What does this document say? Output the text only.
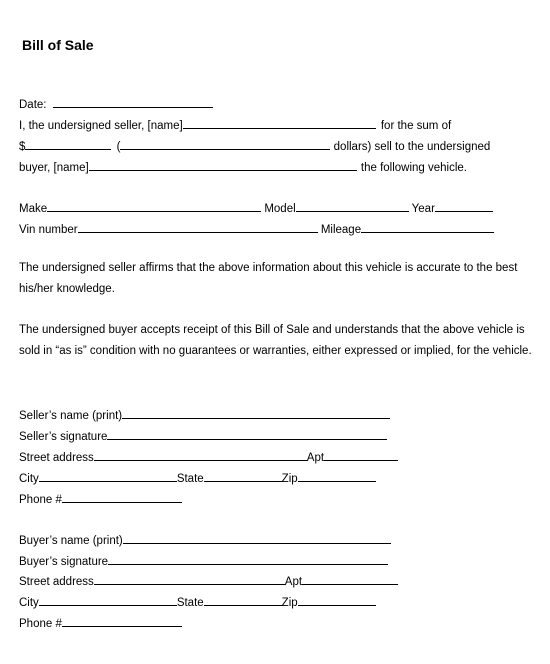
Bill of Sale
Date:
I, the undersigned seller, [name]	for the sum of
$	(	dollars) sell to the undersigned
buyer, [name]	the following vehicle.
Make	Model	Year
Vin number	Mileage
The undersigned seller affirms that the above information about this vehicle is accurate to the best his/her knowledge.
The undersigned buyer accepts receipt of this Bill of Sale and understands that the above vehicle is sold in “as is” condition with no guarantees or warranties, either expressed or implied, for the vehicle.
Seller’s name (print)
Seller’s signature
Street address	Apt
City	State	Zip
Phone #
Buyer’s name (print)
Buyer’s signature
Street address	Apt
City	State	Zip
Phone #
